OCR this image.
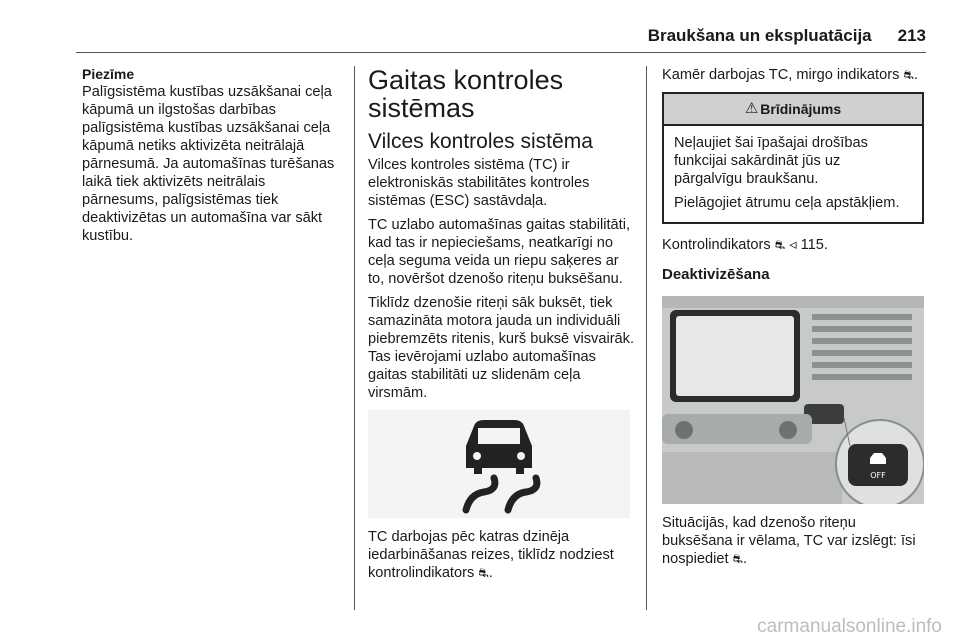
Braukšana un ekspluatācija 213
Piezīme

Palīgsistēma kustības uzsākšanai ceļa kāpumā un ilgstošas darbības palīgsistēma kustības uzsākšanai ceļa kāpumā netiks aktivizēta neitrālajā pārnesumā. Ja automašīnas turēšanas laikā tiek aktivizēts neitrālais pārnesums, palīgsistēmas tiek deaktivizētas un automašīna var sākt kustību.

Gaitas kontroles sistēmas
Vilces kontroles sistēma

Vilces kontroles sistēma (TC) ir elektroniskās stabilitātes kontroles sistēmas (ESC) sastāvdaļa.

TC uzlabo automašīnas gaitas stabilitāti, kad tas ir nepieciešams, neatkarīgi no ceļa seguma veida un riepu saķeres ar to, novēršot dzenošo riteņu buksēšanu.

Tiklīdz dzenošie riteņi sāk buksēt, tiek samazināta motora jauda un individuāli piebremzēts ritenis, kurš buksē visvairāk. Tas ievērojami uzlabo automašīnas gaitas stabilitāti uz slidenām ceļa virsmām.

TC darbojas pēc katras dzinēja iedarbināšanas reizes, tiklīdz nodziest kontrolindikators ⛐.

Kamēr darbojas TC, mirgo indikators ⛐.

⚠ Brīdinājums

Neļaujiet šai īpašajai drošības funkcijai sakārdināt jūs uz pārgalvīgu braukšanu.

Pielāgojiet ātrumu ceļa apstākļiem.

Kontrolindikators ⛐ ◃ 115.

Deaktivizēšana
OFF

Situācijās, kad dzenošo riteņu buksēšana ir vēlama, TC var izslēgt: īsi nospiediet ⛐.

carmanualsonline.info
